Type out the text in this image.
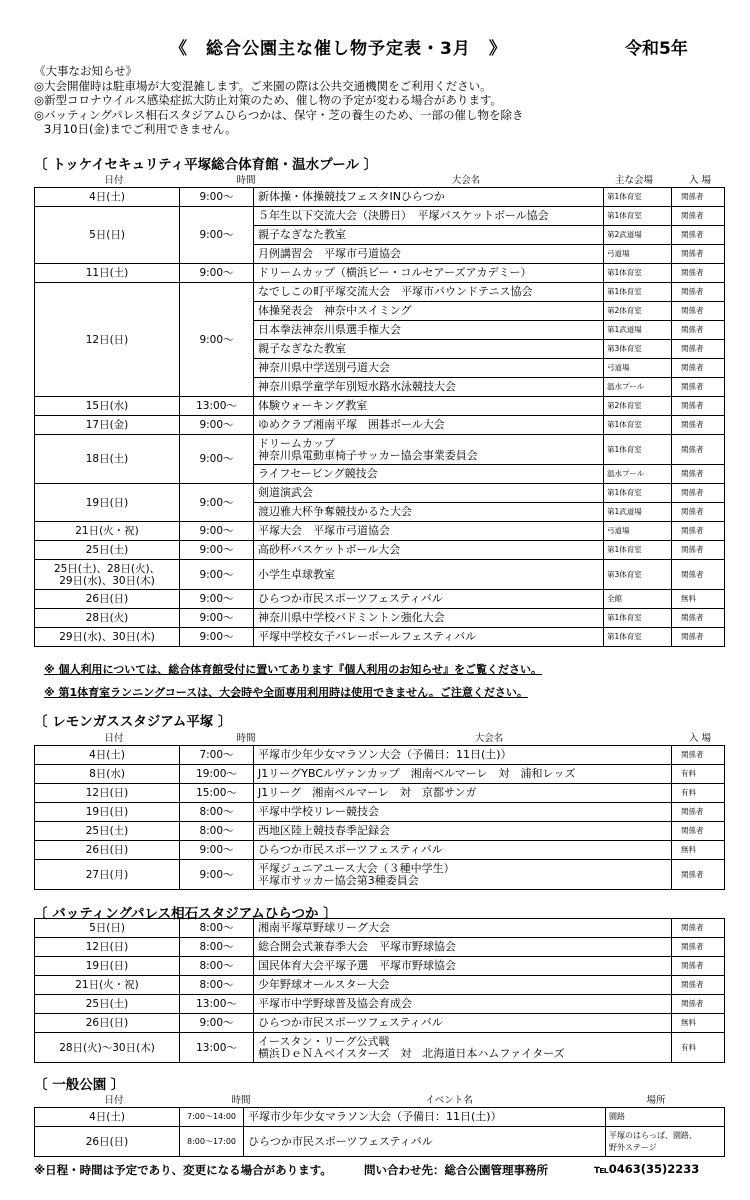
《　総合公園主な催し物予定表・3月　》	令和5年
《大事なお知らせ》
◎大会開催時は駐車場が大変混雑します。ご来園の際は公共交通機関をご利用ください。
◎新型コロナウイルス感染症拡大防止対策のため、催し物の予定が変わる場合があります。
◎バッティングパレス相石スタジアムひらつかは、保守・芝の養生のため、一部の催し物を除き
3月10日(金)までご利用できません。
〔 トッケイセキュリティ平塚総合体育館・温水プール 〕
日付	時間	大会名	主な会場	入 場
4日(土)	9:00～	新体操・体操競技フェスタINひらつか	第1体育室	関係者
5日(日)	9:00～	５年生以下交流大会（決勝日）　平塚バスケットボール協会	第1体育室	関係者
		親子なぎなた教室	第2武道場	関係者
		月例講習会　平塚市弓道協会	弓道場	関係者
11日(土)	9:00～	ドリームカップ（横浜ビー・コルセアーズアカデミー）	第1体育室	関係者
12日(日)	9:00～	なでしこの町平塚交流大会　平塚市バウンドテニス協会	第1体育室	関係者
		体操発表会　神奈中スイミング	第2体育室	関係者
		日本拳法神奈川県選手権大会	第1武道場	関係者
		親子なぎなた教室	第3体育室	関係者
		神奈川県中学送別弓道大会	弓道場	関係者
		神奈川県学童学年別短水路水泳競技大会	温水プール	関係者
15日(水)	13:00～	体験ウォーキング教室	第2体育室	関係者
17日(金)	9:00～	ゆめクラブ湘南平塚　囲碁ボール大会	第1体育室	関係者
18日(土)	9:00～	ドリームカップ
神奈川県電動車椅子サッカー協会事業委員会	第1体育室	関係者
		ライフセービング競技会	温水プール	関係者
19日(日)	9:00～	剣道演武会	第1体育室	関係者
		渡辺雅大杯争奪競技かるた大会	第1武道場	関係者
21日(火・祝)	9:00～	平塚大会　平塚市弓道協会	弓道場	関係者
25日(土)	9:00～	高砂杯バスケットボール大会	第1体育室	関係者
25日(土)、28日(火)、
29日(水)、30日(木)	9:00～	小学生卓球教室	第3体育室	関係者
26日(日)	9:00～	ひらつか市民スポーツフェスティバル	全館	無料
28日(火)	9:00～	神奈川県中学校バドミントン強化大会	第1体育室	関係者
29日(水)、30日(木)	9:00～	平塚中学校女子バレーボールフェスティバル	第1体育室	関係者
※ 個人利用については、総合体育館受付に置いてあります『個人利用のお知らせ』をご覧ください。
※ 第1体育室ランニングコースは、大会時や全面専用利用時は使用できません。ご注意ください。
〔 レモンガススタジアム平塚 〕
日付	時間	大会名	入 場
4日(土)	7:00～	平塚市少年少女マラソン大会（予備日：11日(土)）	関係者
8日(水)	19:00～	J1リーグYBCルヴァンカップ　湘南ベルマーレ　対　浦和レッズ	有料
12日(日)	15:00～	J1リーグ　湘南ベルマーレ　対　京都サンガ	有料
19日(日)	8:00～	平塚中学校リレー競技会	関係者
25日(土)	8:00～	西地区陸上競技春季記録会	関係者
26日(日)	9:00～	ひらつか市民スポーツフェスティバル	無料
27日(月)	9:00～	平塚ジュニアユース大会（３種中学生）
平塚市サッカー協会第3種委員会	関係者
〔 バッティングパレス相石スタジアムひらつか 〕
5日(日)	8:00～	湘南平塚草野球リーグ大会	関係者
12日(日)	8:00～	総合開会式兼春季大会　平塚市野球協会	関係者
19日(日)	8:00～	国民体育大会平塚予選　平塚市野球協会	関係者
21日(火・祝)	8:00～	少年野球オールスター大会	関係者
25日(土)	13:00～	平塚市中学野球普及協会育成会	関係者
26日(日)	9:00～	ひらつか市民スポーツフェスティバル	無料
28日(火)～30日(木)	13:00～	イースタン・リーグ公式戦
横浜ＤｅＮＡベイスターズ　対　北海道日本ハムファイターズ	有料
〔 一般公園 〕
日付	時間	イベント名	場所
4日(土)	7:00～14:00	平塚市少年少女マラソン大会（予備日：11日(土)）	園路
26日(日)	8:00～17:00	ひらつか市民スポーツフェスティバル	平塚のはらっぱ、園路、
野外ステージ
※日程・時間は予定であり、変更になる場合があります。	問い合わせ先：総合公園管理事務所	℡0463(35)2233
